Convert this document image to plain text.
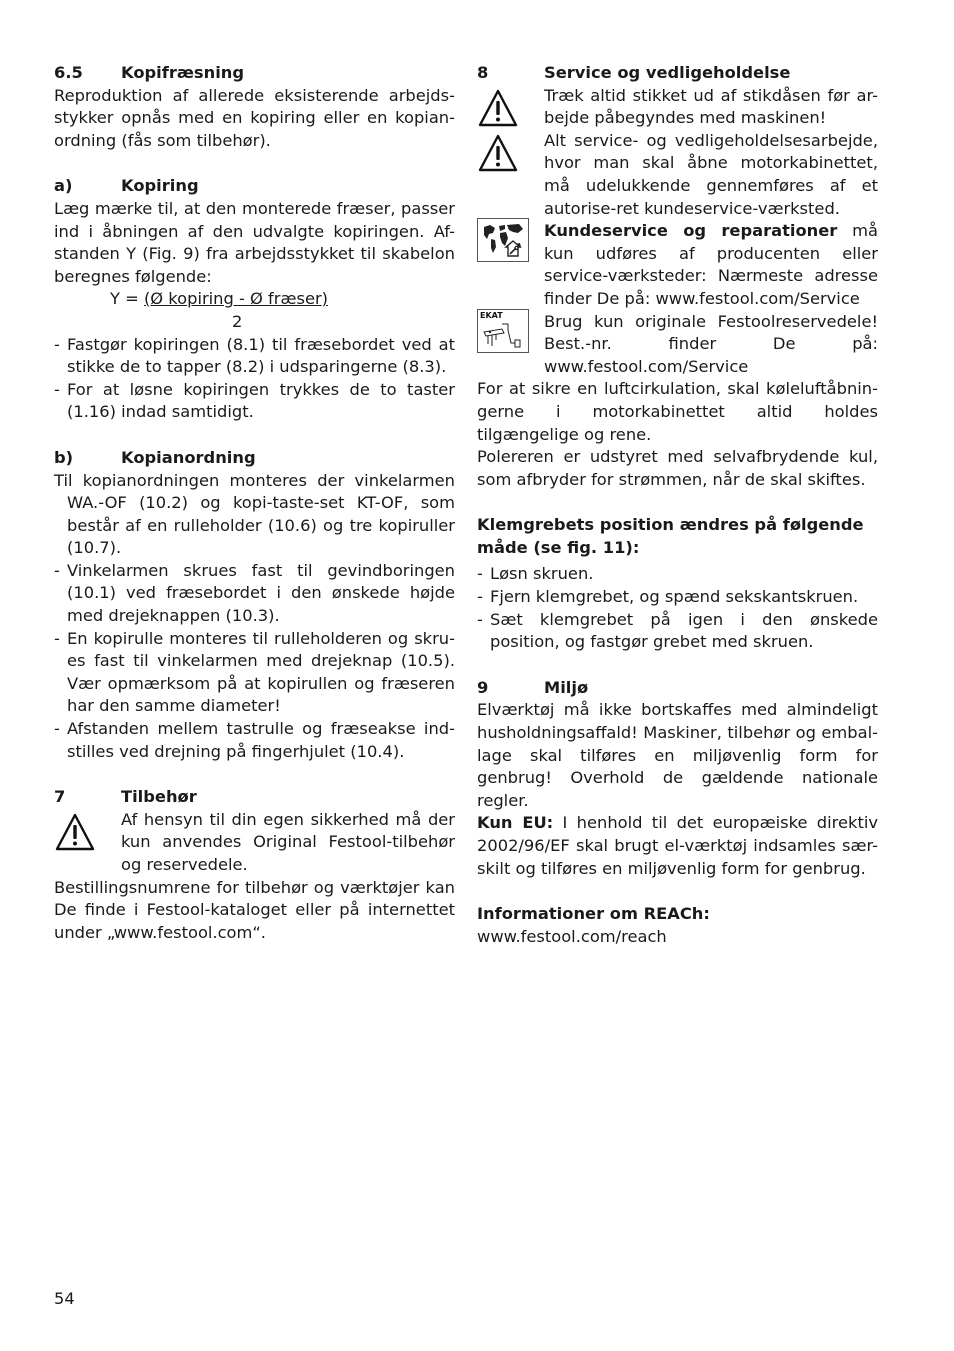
6.5	Kopifræsning

Reproduktion af allerede eksisterende arbejds-stykker opnås med en kopiring eller en kopian-ordning (fås som tilbehør).

a)	Kopiring

Læg mærke til, at den monterede fræser, passer ind i åbningen af den udvalgte kopiringen. Af-standen Y (Fig. 9) fra arbejdsstykket til skabelon beregnes følgende:

Y = (Ø kopiring - Ø fræser)

2

- Fastgør kopiringen (8.1) til fræsebordet ved at stikke de to tapper (8.2) i udsparingerne (8.3).
- For at løsne kopiringen trykkes de to taster (1.16) indad samtidigt.
b)	Kopianordning

Til kopianordningen monteres der vinkelarmen WA.-OF (10.2) og kopi-taste-set KT-OF, som består af en rulleholder (10.6) og tre kopiruller (10.7).

- Vinkelarmen skrues fast til gevindboringen (10.1) ved fræsebordet i den ønskede højde med drejeknappen (10.3).
- En kopirulle monteres til rulleholderen og skru-es fast til vinkelarmen med drejeknap (10.5). Vær opmærksom på at kopirullen og fræseren har den samme diameter!
- Afstanden mellem tastrulle og fræseakse ind-stilles ved drejning på fingerhjulet (10.4).
7	Tilbehør

Af hensyn til din egen sikkerhed må der kun anvendes Original Festool-tilbehør og reservedele.

Bestillingsnumrene for tilbehør og værktøjer kan De finde i Festool-kataloget eller på internettet under „www.festool.com“.

8	Service og vedligeholdelse

Træk altid stikket ud af stikdåsen før ar-bejde påbegyndes med maskinen!

Alt service- og vedligeholdelsesarbejde, hvor man skal åbne motorkabinettet, må udelukkende gennemføres af et autorise-ret kundeservice-værksted.

Kundeservice og reparationer må kun udføres af producenten eller service-værksteder: Nærmeste adresse finder De på: www.festool.com/Service

EKAT	Brug kun originale Festoolreservedele! Best.-nr. finder De på: www.festool.com/Service

For at sikre en luftcirkulation, skal køleluftåbnin-gerne i motorkabinettet altid holdes tilgængelige og rene.

Polereren er udstyret med selvafbrydende kul, som afbryder for strømmen, når de skal skiftes.

Klemgrebets position ændres på følgende måde (se fig. 11):

- Løsn skruen.
- Fjern klemgrebet, og spænd sekskantskruen.
- Sæt klemgrebet på igen i den ønskede position, og fastgør grebet med skruen.
9	Miljø

Elværktøj må ikke bortskaffes med almindeligt husholdningsaffald! Maskiner, tilbehør og embal-lage skal tilføres en miljøvenlig form for genbrug! Overhold de gældende nationale regler.

Kun EU: I henhold til det europæiske direktiv 2002/96/EF skal brugt el-værktøj indsamles sær-skilt og tilføres en miljøvenlig form for genbrug.

Informationer om REACh:

www.festool.com/reach

54
